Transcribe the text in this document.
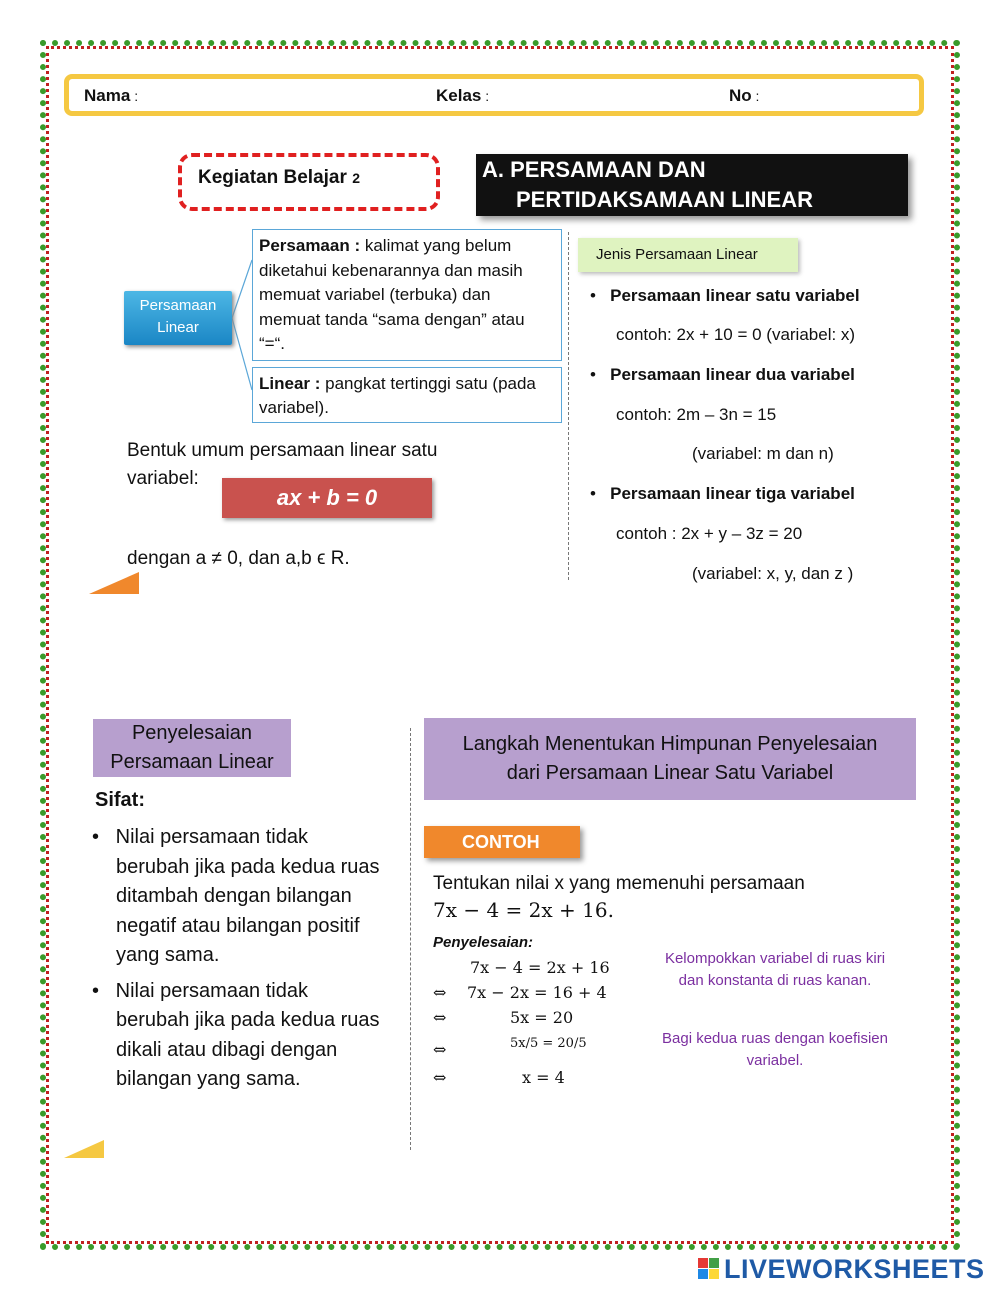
Nama :	Kelas :	No :
Kegiatan Belajar 2	A. PERSAMAAN DAN
PERTIDAKSAMAAN LINEAR
Persamaan
Linear
Persamaan : kalimat yang belum diketahui kebenarannya dan masih memuat variabel (terbuka) dan memuat tanda “sama dengan” atau “=“.
Linear : pangkat tertinggi satu (pada variabel).
Bentuk umum persamaan linear satu variabel:
ax + b = 0
dengan a ≠ 0, dan a,b ϵ R.
Jenis Persamaan Linear
•   Persamaan linear satu variabel
contoh: 2x + 10 = 0 (variabel: x)
•   Persamaan linear dua variabel
contoh: 2m – 3n = 15
(variabel: m dan n)
•   Persamaan linear tiga variabel
contoh : 2x + y – 3z = 20
(variabel: x, y, dan z )
Penyelesaian
Persamaan Linear
Sifat:
•   Nilai persamaan tidak berubah jika pada kedua ruas ditambah dengan bilangan negatif atau bilangan positif yang sama.
•   Nilai persamaan tidak berubah jika pada kedua ruas dikali atau dibagi dengan bilangan yang sama.
Langkah Menentukan Himpunan Penyelesaian
dari Persamaan Linear Satu Variabel
CONTOH
Tentukan nilai x yang memenuhi persamaan
7x − 4 = 2x + 16.
Penyelesaian:
7x − 4 = 2x + 16
⇔ 7x − 2x = 16 + 4
⇔	5x = 20
⇔	5x/5 = 20/5
⇔	x = 4
Kelompokkan variabel di ruas kiri dan konstanta di ruas kanan.
Bagi kedua ruas dengan koefisien variabel.
LIVEWORKSHEETS
